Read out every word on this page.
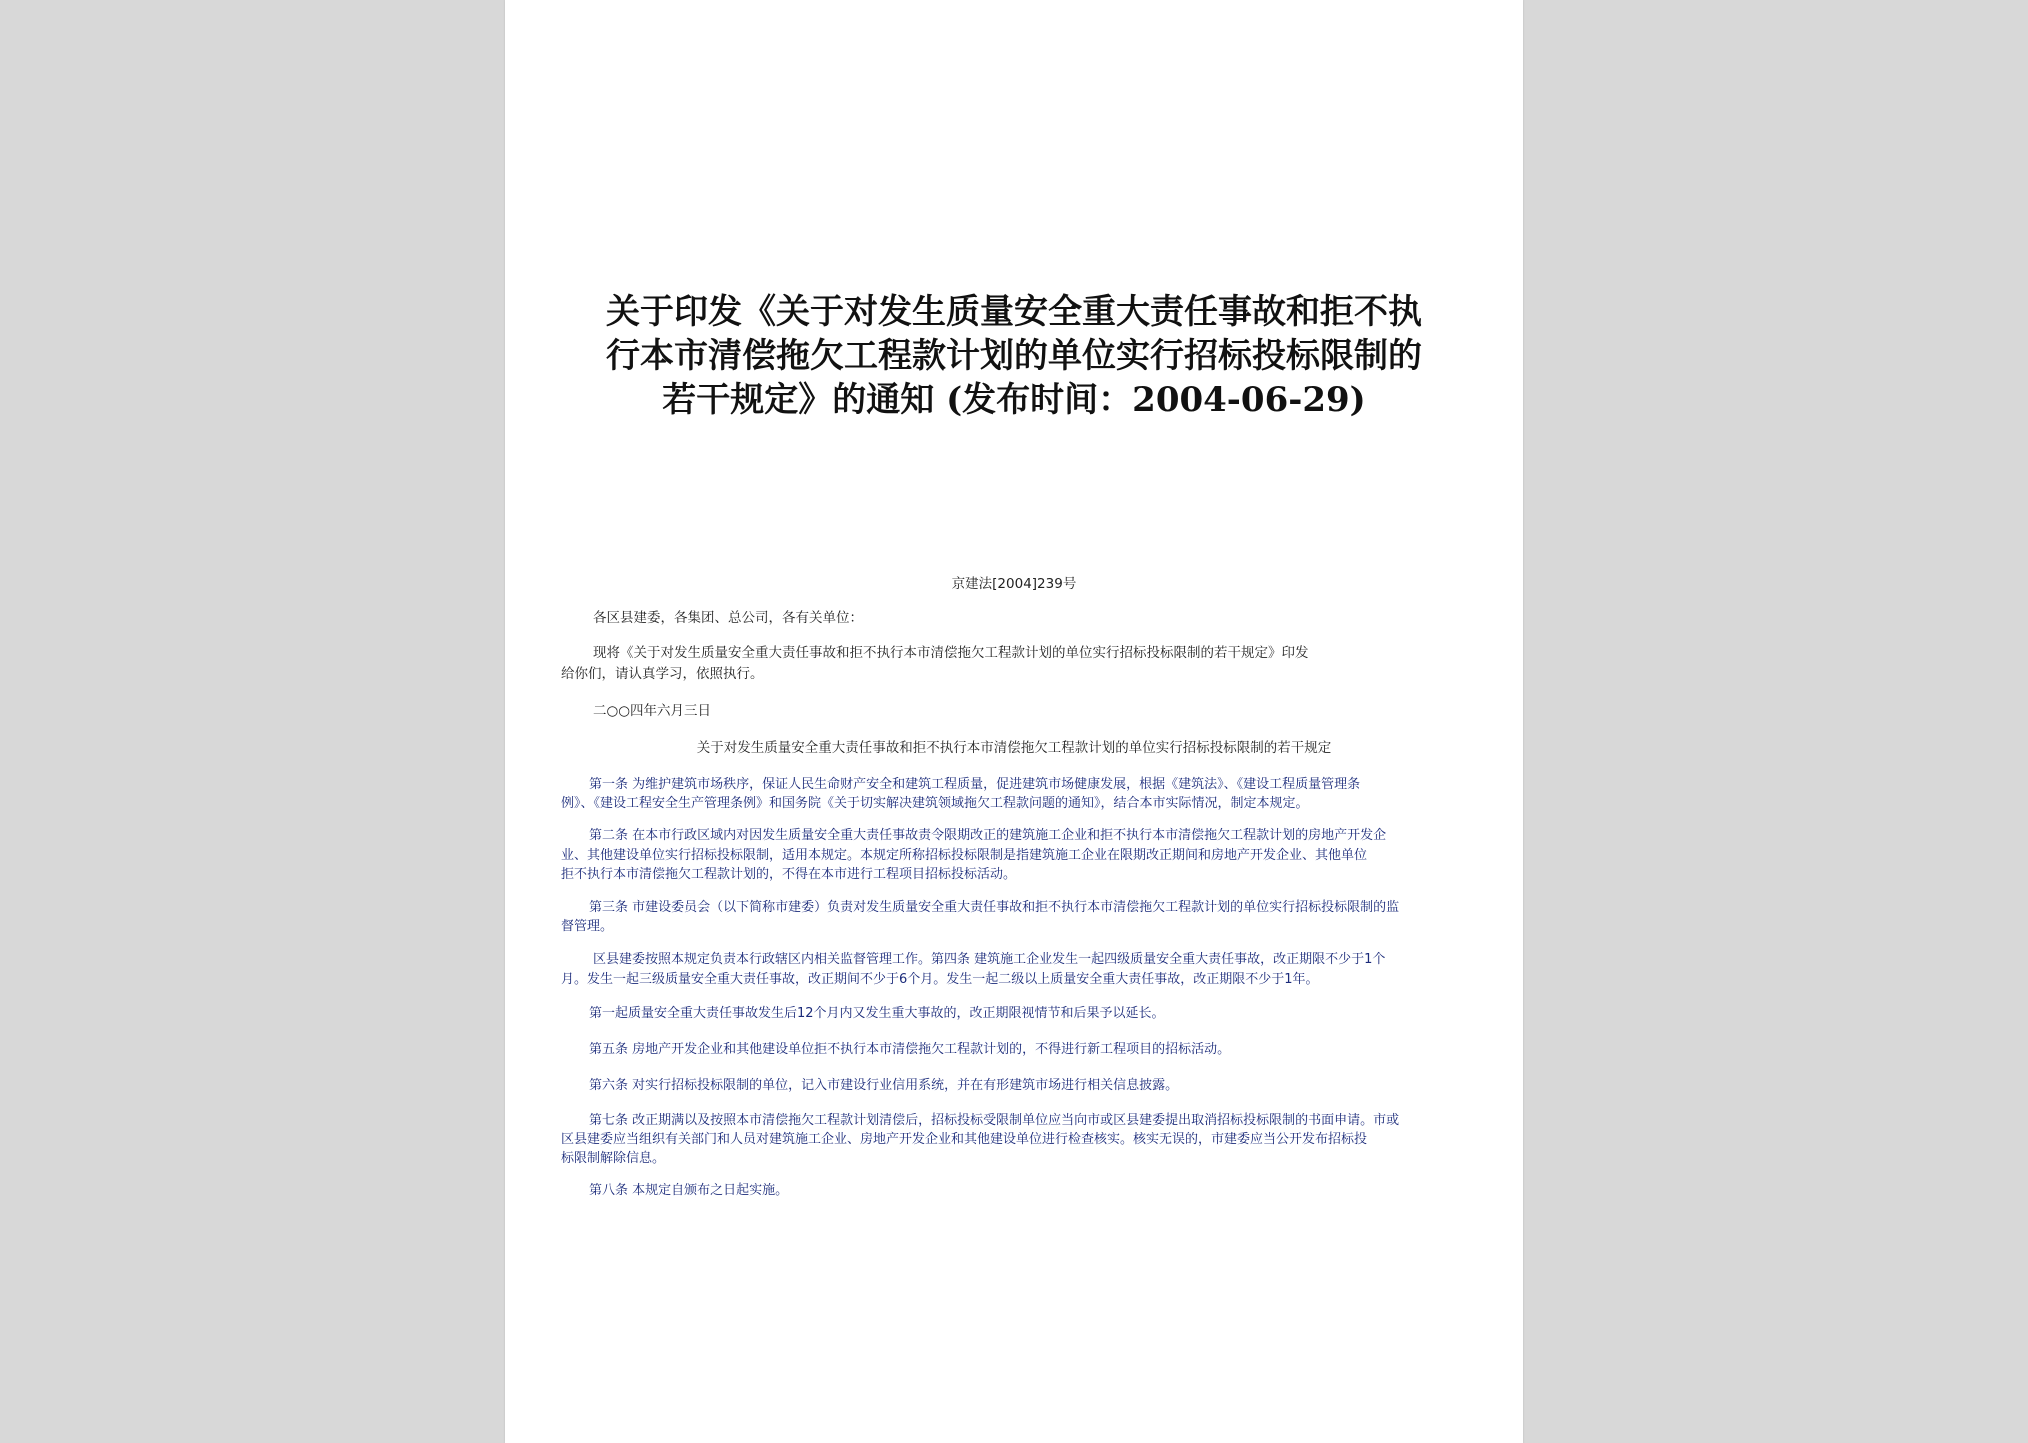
关于印发《关于对发生质量安全重大责任事故和拒不执
行本市清偿拖欠工程款计划的单位实行招标投标限制的
若干规定》的通知 (发布时间：2004-06-29)
京建法[2004]239号
各区县建委，各集团、总公司，各有关单位：
现将《关于对发生质量安全重大责任事故和拒不执行本市清偿拖欠工程款计划的单位实行招标投标限制的若干规定》印发
给你们，请认真学习，依照执行。
二○○四年六月三日
关于对发生质量安全重大责任事故和拒不执行本市清偿拖欠工程款计划的单位实行招标投标限制的若干规定
第一条 为维护建筑市场秩序，保证人民生命财产安全和建筑工程质量，促进建筑市场健康发展，根据《建筑法》、《建设工程质量管理条
例》、《建设工程安全生产管理条例》和国务院《关于切实解决建筑领域拖欠工程款问题的通知》，结合本市实际情况，制定本规定。
第二条 在本市行政区域内对因发生质量安全重大责任事故责令限期改正的建筑施工企业和拒不执行本市清偿拖欠工程款计划的房地产开发企
业、其他建设单位实行招标投标限制，适用本规定。本规定所称招标投标限制是指建筑施工企业在限期改正期间和房地产开发企业、其他单位
拒不执行本市清偿拖欠工程款计划的，不得在本市进行工程项目招标投标活动。
第三条 市建设委员会（以下简称市建委）负责对发生质量安全重大责任事故和拒不执行本市清偿拖欠工程款计划的单位实行招标投标限制的监
督管理。
区县建委按照本规定负责本行政辖区内相关监督管理工作。第四条 建筑施工企业发生一起四级质量安全重大责任事故，改正期限不少于1个
月。发生一起三级质量安全重大责任事故，改正期间不少于6个月。发生一起二级以上质量安全重大责任事故，改正期限不少于1年。
第一起质量安全重大责任事故发生后12个月内又发生重大事故的，改正期限视情节和后果予以延长。
第五条 房地产开发企业和其他建设单位拒不执行本市清偿拖欠工程款计划的，不得进行新工程项目的招标活动。
第六条 对实行招标投标限制的单位，记入市建设行业信用系统，并在有形建筑市场进行相关信息披露。
第七条 改正期满以及按照本市清偿拖欠工程款计划清偿后，招标投标受限制单位应当向市或区县建委提出取消招标投标限制的书面申请。市或
区县建委应当组织有关部门和人员对建筑施工企业、房地产开发企业和其他建设单位进行检查核实。核实无误的，市建委应当公开发布招标投
标限制解除信息。
第八条 本规定自颁布之日起实施。
